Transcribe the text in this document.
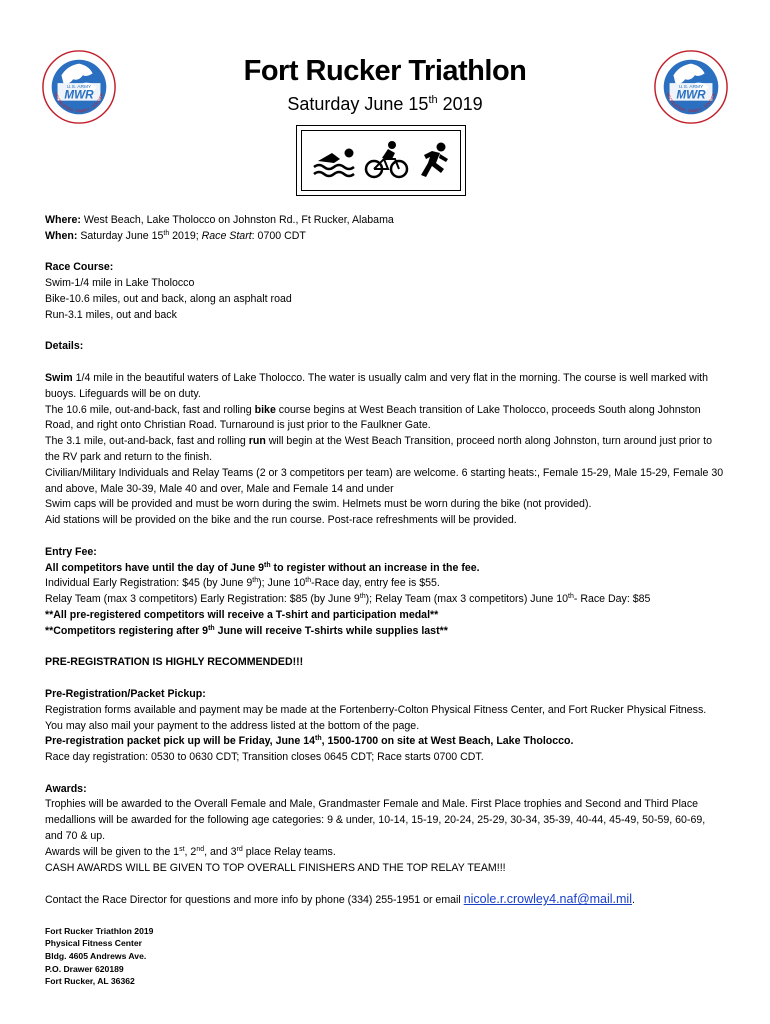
U.S. ARMY
MWR
RECREATION · FAMILY · SOLDIER
U.S. ARMY
MWR
RECREATION · FAMILY · SOLDIER
Fort Rucker Triathlon
Saturday June 15th 2019

Where: West Beach, Lake Tholocco on Johnston Rd., Ft Rucker, Alabama

When: Saturday June 15th 2019; Race Start: 0700 CDT

Race Course:

Swim-1/4 mile in Lake Tholocco

Bike-10.6 miles, out and back, along an asphalt road

Run-3.1 miles, out and back

Details:

Swim 1/4 mile in the beautiful waters of Lake Tholocco. The water is usually calm and very flat in the morning. The course is well marked with buoys. Lifeguards will be on duty.

The 10.6 mile, out-and-back, fast and rolling bike course begins at West Beach transition of Lake Tholocco, proceeds South along Johnston Road, and right onto Christian Road. Turnaround is just prior to the Faulkner Gate.

The 3.1 mile, out-and-back, fast and rolling run will begin at the West Beach Transition, proceed north along Johnston, turn around just prior to the RV park and return to the finish.

Civilian/Military Individuals and Relay Teams (2 or 3 competitors per team) are welcome. 6 starting heats:, Female 15-29, Male 15-29, Female 30 and above, Male 30-39, Male 40 and over, Male and Female 14 and under

Swim caps will be provided and must be worn during the swim. Helmets must be worn during the bike (not provided).

Aid stations will be provided on the bike and the run course. Post-race refreshments will be provided.

Entry Fee:

All competitors have until the day of June 9th to register without an increase in the fee.

Individual Early Registration: $45 (by June 9th); June 10th-Race day, entry fee is $55.

Relay Team (max 3 competitors) Early Registration: $85 (by June 9th); Relay Team (max 3 competitors) June 10th- Race Day: $85

**All pre-registered competitors will receive a T-shirt and participation medal**

**Competitors registering after 9th June will receive T-shirts while supplies last**

PRE-REGISTRATION IS HIGHLY RECOMMENDED!!!

Pre-Registration/Packet Pickup:

Registration forms available and payment may be made at the Fortenberry-Colton Physical Fitness Center, and Fort Rucker Physical Fitness. You may also mail your payment to the address listed at the bottom of the page.

Pre-registration packet pick up will be Friday, June 14th, 1500-1700 on site at West Beach, Lake Tholocco.

Race day registration: 0530 to 0630 CDT; Transition closes 0645 CDT; Race starts 0700 CDT.

Awards:

Trophies will be awarded to the Overall Female and Male, Grandmaster Female and Male. First Place trophies and Second and Third Place medallions will be awarded for the following age categories: 9 & under, 10-14, 15-19, 20-24, 25-29, 30-34, 35-39, 40-44, 45-49, 50-59, 60-69, and 70 & up.

Awards will be given to the 1st, 2nd, and 3rd place Relay teams.

CASH AWARDS WILL BE GIVEN TO TOP OVERALL FINISHERS AND THE TOP RELAY TEAM!!!

Contact the Race Director for questions and more info by phone (334) 255-1951 or email nicole.r.crowley4.naf@mail.mil.

Fort Rucker Triathlon 2019
Physical Fitness Center
Bldg. 4605 Andrews Ave.
P.O. Drawer 620189
Fort Rucker, AL 36362
